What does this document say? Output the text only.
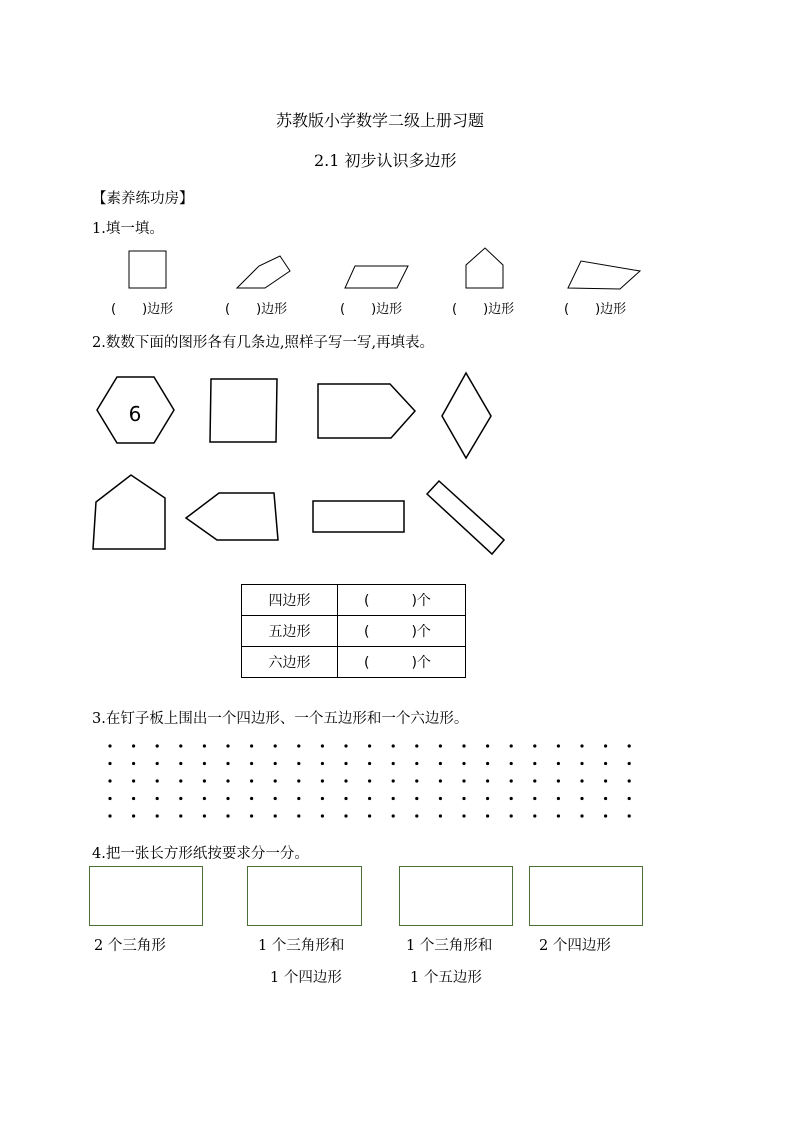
苏教版小学数学二级上册习题
2.1 初步认识多边形
【素养练功房】
1.填一填。
2.数数下面的图形各有几条边,照样子写一写,再填表。
3.在钉子板上围出一个四边形、一个五边形和一个六边形。
4.把一张长方形纸按要求分一分。
6
(　　)边形	(　　)边形	(　　)边形	(　　)边形	(　　)边形
四边形	(　　　)个
五边形	(　　　)个
六边形	(　　　)个
2 个三角形	1 个三角形和
1 个四边形
1 个三角形和
1 个五边形
2 个四边形
